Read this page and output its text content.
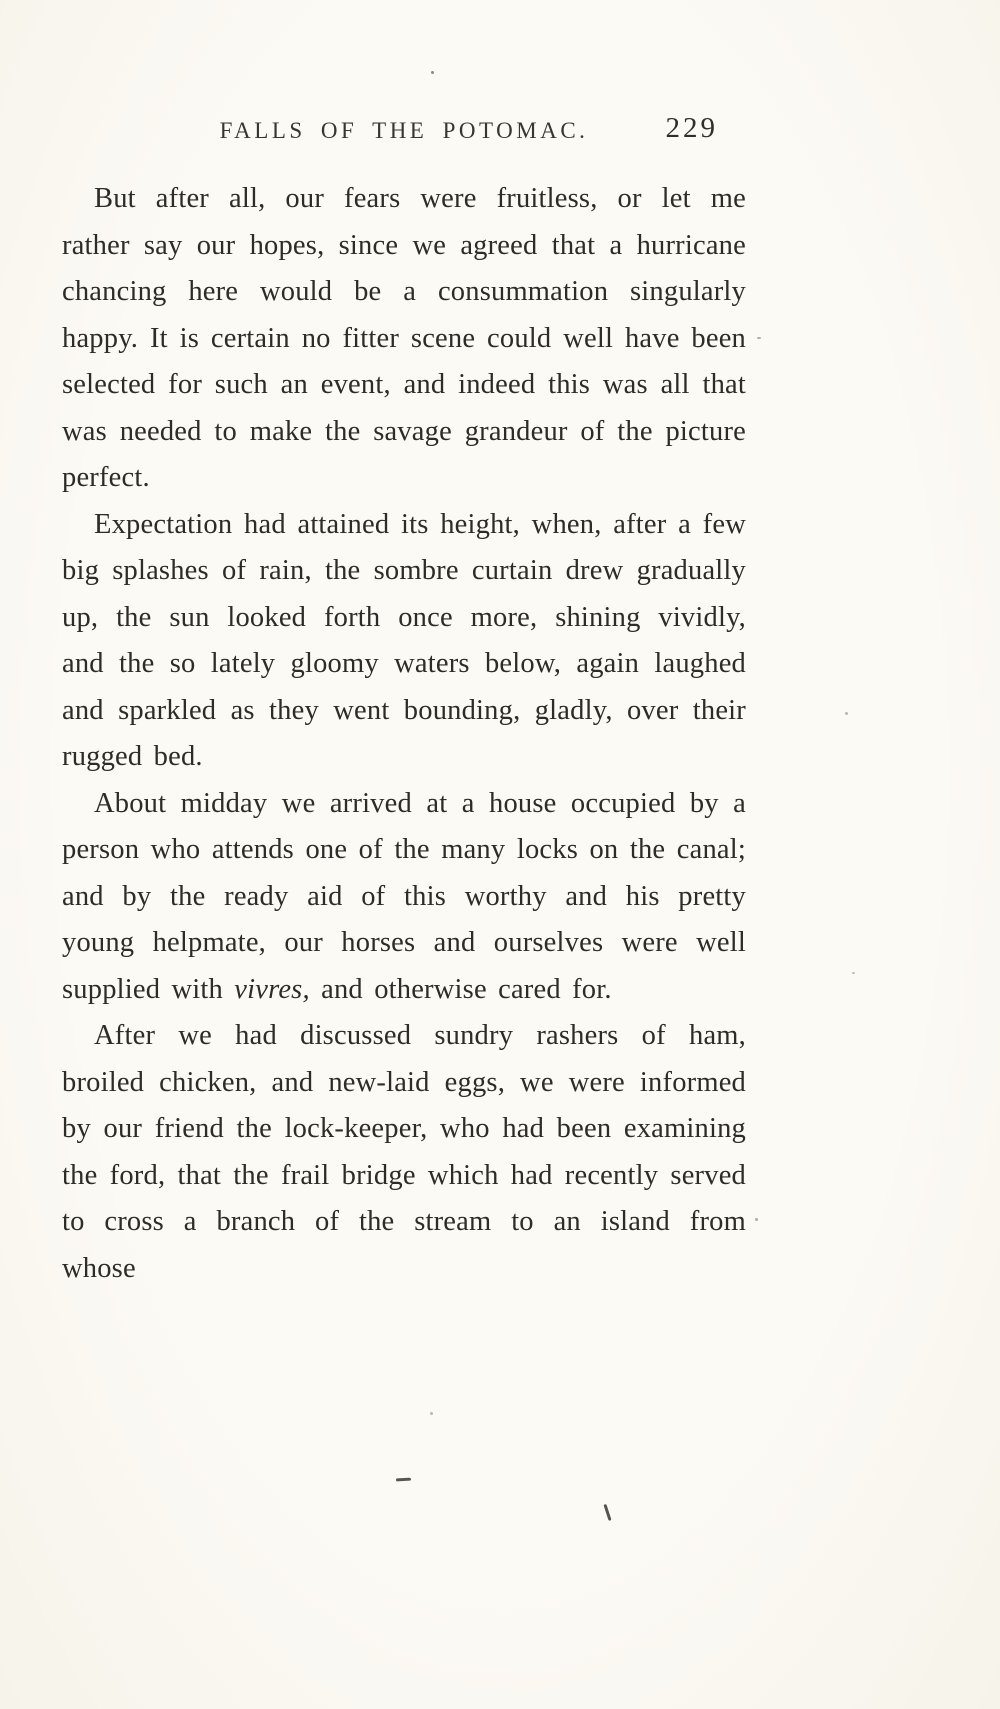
FALLS OF THE POTOMAC.	229

But after all, our fears were fruitless, or let me rather say our hopes, since we agreed that a hurricane chancing here would be a consummation singularly happy. It is certain no fitter scene could well have been selected for such an event, and indeed this was all that was needed to make the savage grandeur of the picture perfect.

Expectation had attained its height, when, after a few big splashes of rain, the sombre curtain drew gradually up, the sun looked forth once more, shining vividly, and the so lately gloomy waters below, again laughed and sparkled as they went bounding, gladly, over their rugged bed.

About midday we arrived at a house occupied by a person who attends one of the many locks on the canal; and by the ready aid of this worthy and his pretty young helpmate, our horses and ourselves were well supplied with vivres, and otherwise cared for.

After we had discussed sundry rashers of ham, broiled chicken, and new-laid eggs, we were informed by our friend the lock-keeper, who had been examining the ford, that the frail bridge which had recently served to cross a branch of the stream to an island from whose
